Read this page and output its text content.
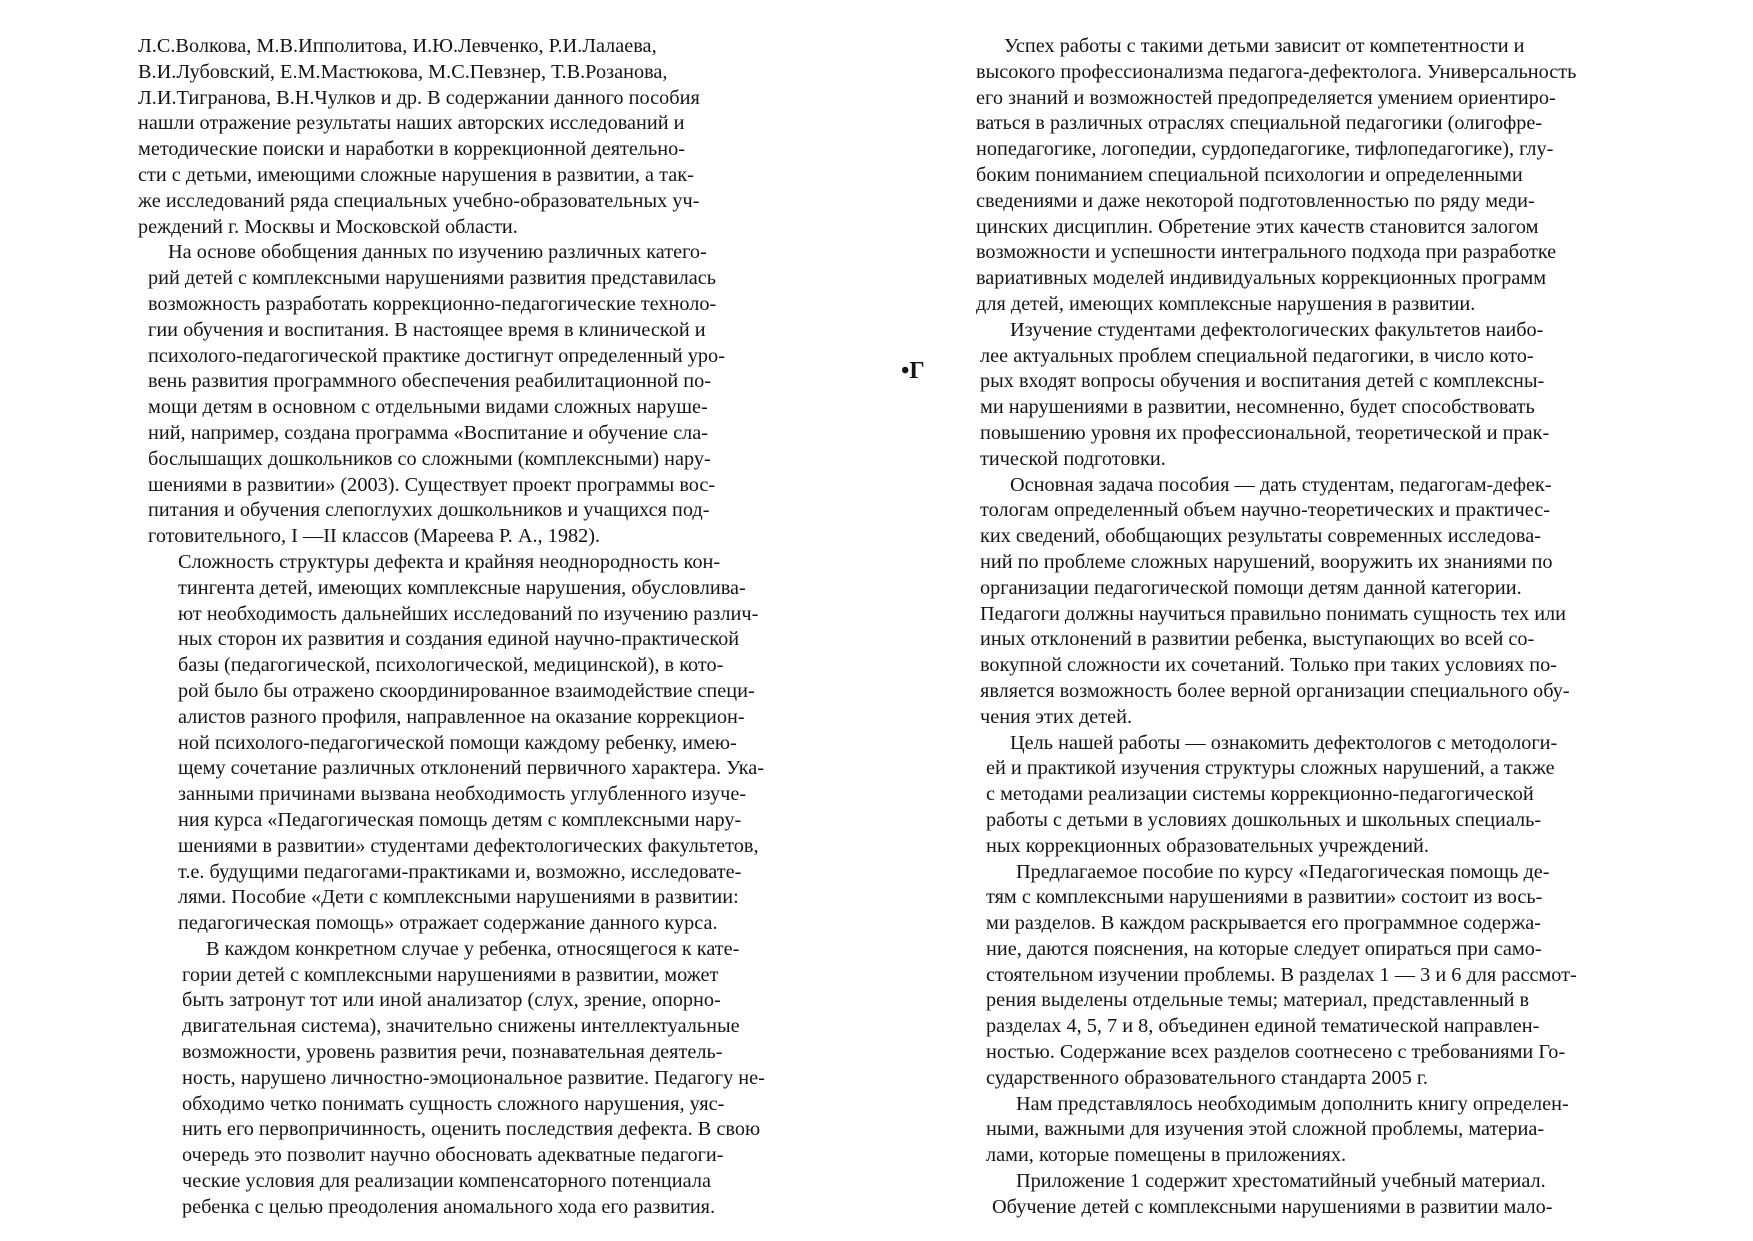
Л.С.Волкова, М.В.Ипполитова, И.Ю.Левченко, Р.И.Лалаева,
В.И.Лубовский, Е.М.Мастюкова, М.С.Певзнер, Т.В.Розанова,
Л.И.Тигранова, В.Н.Чулков и др. В содержании данного пособия
нашли отражение результаты наших авторских исследований и
методические поиски и наработки в коррекционной деятельно-
сти с детьми, имеющими сложные нарушения в развитии, а так-
же исследований ряда специальных учебно-образовательных уч-
реждений г. Москвы и Московской области.
На основе обобщения данных по изучению различных катего-
рий детей с комплексными нарушениями развития представилась
возможность разработать коррекционно-педагогические техноло-
гии обучения и воспитания. В настоящее время в клинической и
психолого-педагогической практике достигнут определенный уро-
вень развития программного обеспечения реабилитационной по-
мощи детям в основном с отдельными видами сложных наруше-
ний, например, создана программа «Воспитание и обучение сла-
бослышащих дошкольников со сложными (комплексными) нару-
шениями в развитии» (2003). Существует проект программы вос-
питания и обучения слепоглухих дошкольников и учащихся под-
готовительного, I —II классов (Мареева Р. А., 1982).
Сложность структуры дефекта и крайняя неоднородность кон-
тингента детей, имеющих комплексные нарушения, обусловлива-
ют необходимость дальнейших исследований по изучению различ-
ных сторон их развития и создания единой научно-практической
базы (педагогической, психологической, медицинской), в кото-
рой было бы отражено скоординированное взаимодействие специ-
алистов разного профиля, направленное на оказание коррекцион-
ной психолого-педагогической помощи каждому ребенку, имею-
щему сочетание различных отклонений первичного характера. Ука-
занными причинами вызвана необходимость углубленного изуче-
ния курса «Педагогическая помощь детям с комплексными нару-
шениями в развитии» студентами дефектологических факультетов,
т.е. будущими педагогами-практиками и, возможно, исследовате-
лями. Пособие «Дети с комплексными нарушениями в развитии:
педагогическая помощь» отражает содержание данного курса.
В каждом конкретном случае у ребенка, относящегося к кате-
гории детей с комплексными нарушениями в развитии, может
быть затронут тот или иной анализатор (слух, зрение, опорно-
двигательная система), значительно снижены интеллектуальные
возможности, уровень развития речи, познавательная деятель-
ность, нарушено личностно-эмоциональное развитие. Педагогу не-
обходимо четко понимать сущность сложного нарушения, уяс-
нить его первопричинность, оценить последствия дефекта. В свою
очередь это позволит научно обосновать адекватные педагоги-
ческие условия для реализации компенсаторного потенциала
ребенка с целью преодоления аномального хода его развития.
•Г
Успех работы с такими детьми зависит от компетентности и
высокого профессионализма педагога-дефектолога. Универсальность
его знаний и возможностей предопределяется умением ориентиро-
ваться в различных отраслях специальной педагогики (олигофре-
нопедагогике, логопедии, сурдопедагогике, тифлопедагогике), глу-
боким пониманием специальной психологии и определенными
сведениями и даже некоторой подготовленностью по ряду меди-
цинских дисциплин. Обретение этих качеств становится залогом
возможности и успешности интегрального подхода при разработке
вариативных моделей индивидуальных коррекционных программ
для детей, имеющих комплексные нарушения в развитии.
Изучение студентами дефектологических факультетов наибо-
лее актуальных проблем специальной педагогики, в число кото-
рых входят вопросы обучения и воспитания детей с комплексны-
ми нарушениями в развитии, несомненно, будет способствовать
повышению уровня их профессиональной, теоретической и прак-
тической подготовки.
Основная задача пособия — дать студентам, педагогам-дефек-
тологам определенный объем научно-теоретических и практичес-
ких сведений, обобщающих результаты современных исследова-
ний по проблеме сложных нарушений, вооружить их знаниями по
организации педагогической помощи детям данной категории.
Педагоги должны научиться правильно понимать сущность тех или
иных отклонений в развитии ребенка, выступающих во всей со-
вокупной сложности их сочетаний. Только при таких условиях по-
является возможность более верной организации специального обу-
чения этих детей.
Цель нашей работы — ознакомить дефектологов с методологи-
ей и практикой изучения структуры сложных нарушений, а также
с методами реализации системы коррекционно-педагогической
работы с детьми в условиях дошкольных и школьных специаль-
ных коррекционных образовательных учреждений.
Предлагаемое пособие по курсу «Педагогическая помощь де-
тям с комплексными нарушениями в развитии» состоит из вось-
ми разделов. В каждом раскрывается его программное содержа-
ние, даются пояснения, на которые следует опираться при само-
стоятельном изучении проблемы. В разделах 1 — 3 и 6 для рассмот-
рения выделены отдельные темы; материал, представленный в
разделах 4, 5, 7 и 8, объединен единой тематической направлен-
ностью. Содержание всех разделов соотнесено с требованиями Го-
сударственного образовательного стандарта 2005 г.
Нам представлялось необходимым дополнить книгу определен-
ными, важными для изучения этой сложной проблемы, материа-
лами, которые помещены в приложениях.
Приложение 1 содержит хрестоматийный учебный материал.
Обучение детей с комплексными нарушениями в развитии мало-
